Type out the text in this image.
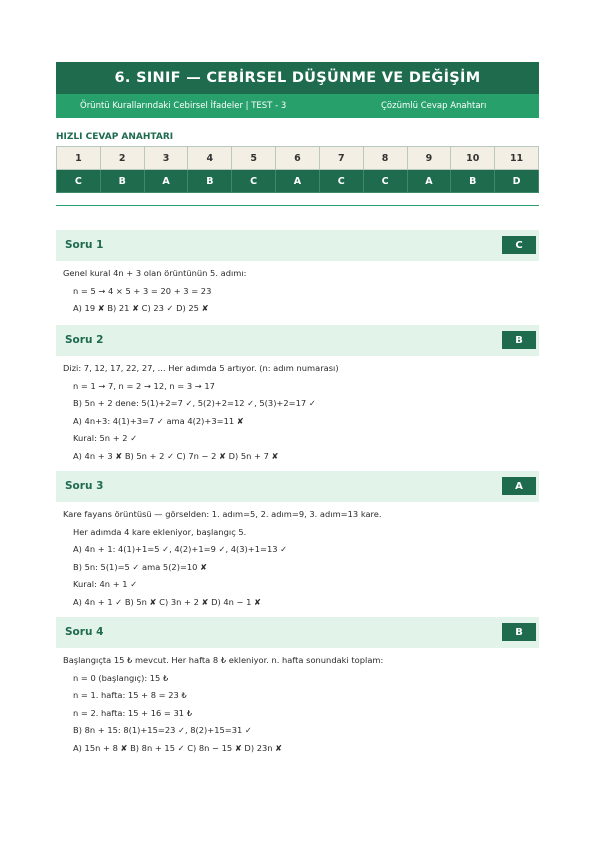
6. SINIF — CEBİRSEL DÜŞÜNME VE DEĞİŞİM
Örüntü Kurallarındaki Cebirsel İfadeler | TEST - 3	Çözümlü Cevap Anahtarı
HIZLI CEVAP ANAHTARI
1	2	3	4	5	6	7	8	9	10	11
C	B	A	B	C	A	C	C	A	B	D
Soru 1	C
Genel kural 4n + 3 olan örüntünün 5. adımı:
n = 5 → 4 × 5 + 3 = 20 + 3 = 23
A) 19 ✘ B) 21 ✘ C) 23 ✓ D) 25 ✘
Soru 2	B
Dizi: 7, 12, 17, 22, 27, ... Her adımda 5 artıyor. (n: adım numarası)
n = 1 → 7, n = 2 → 12, n = 3 → 17
B) 5n + 2 dene: 5(1)+2=7 ✓, 5(2)+2=12 ✓, 5(3)+2=17 ✓
A) 4n+3: 4(1)+3=7 ✓ ama 4(2)+3=11 ✘
Kural: 5n + 2 ✓
A) 4n + 3 ✘ B) 5n + 2 ✓ C) 7n − 2 ✘ D) 5n + 7 ✘
Soru 3	A
Kare fayans örüntüsü — görselden: 1. adım=5, 2. adım=9, 3. adım=13 kare.
Her adımda 4 kare ekleniyor, başlangıç 5.
A) 4n + 1: 4(1)+1=5 ✓, 4(2)+1=9 ✓, 4(3)+1=13 ✓
B) 5n: 5(1)=5 ✓ ama 5(2)=10 ✘
Kural: 4n + 1 ✓
A) 4n + 1 ✓ B) 5n ✘ C) 3n + 2 ✘ D) 4n − 1 ✘
Soru 4	B
Başlangıçta 15 ₺ mevcut. Her hafta 8 ₺ ekleniyor. n. hafta sonundaki toplam:
n = 0 (başlangıç): 15 ₺
n = 1. hafta: 15 + 8 = 23 ₺
n = 2. hafta: 15 + 16 = 31 ₺
B) 8n + 15: 8(1)+15=23 ✓, 8(2)+15=31 ✓
A) 15n + 8 ✘ B) 8n + 15 ✓ C) 8n − 15 ✘ D) 23n ✘
